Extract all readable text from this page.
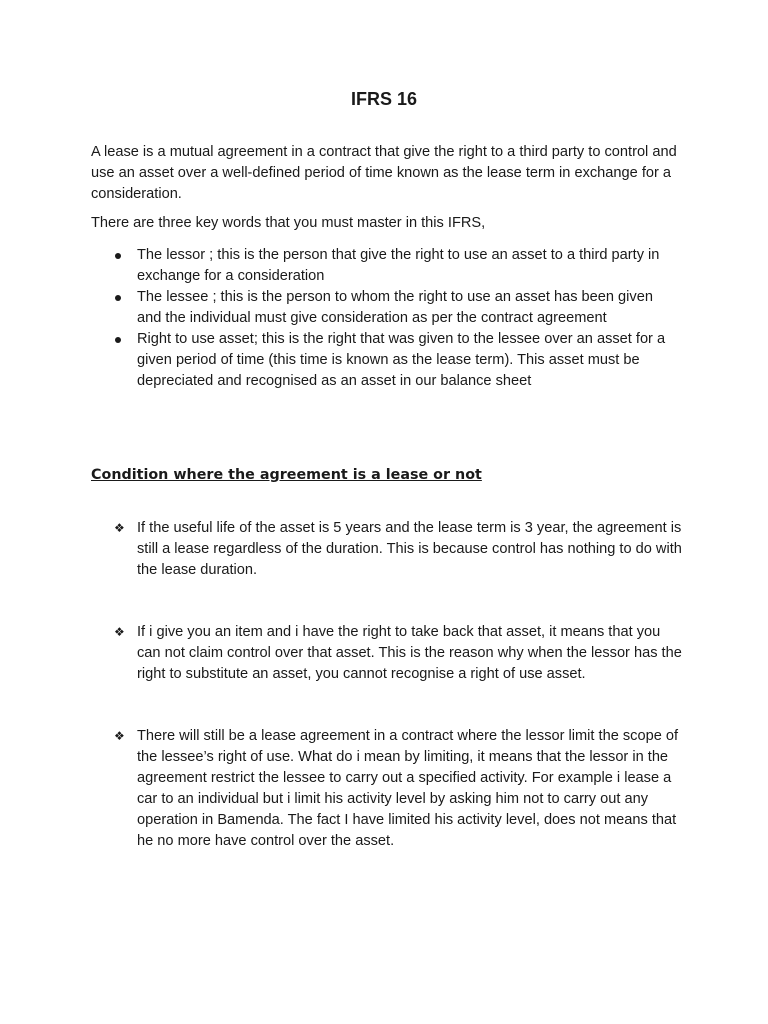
IFRS 16

A lease is a mutual agreement in a contract that give the right to a third party to control and use an asset over a well-defined period of time known as the lease term in exchange for a consideration.

There are three key words that you must master in this IFRS,

The lessor ; this is the person that give the right to use an asset to a third party in exchange for a consideration
The lessee ; this is the person to whom the right to use an asset has been given and the individual must give consideration as per the contract agreement
Right to use asset; this is the right that was given to the lessee over an asset for a given period of time (this time is known as the lease term). This asset must be depreciated and recognised as an asset in our balance sheet
Condition where the agreement is a lease or not
❖ If the useful life of the asset is 5 years and the lease term is 3 year, the agreement is still a lease regardless of the duration. This is because control has nothing to do with the lease duration.
❖ If i give you an item and i have the right to take back that asset, it means that you can not claim control over that asset. This is the reason why when the lessor has the right to substitute an asset, you cannot recognise a right of use asset.
❖ There will still be a lease agreement in a contract where the lessor limit the scope of the lessee’s right of use. What do i mean by limiting, it means that the lessor in the agreement restrict the lessee to carry out a specified activity. For example i lease a car to an individual but i limit his activity level by asking him not to carry out any operation in Bamenda. The fact I have limited his activity level, does not means that he no more have control over the asset.
